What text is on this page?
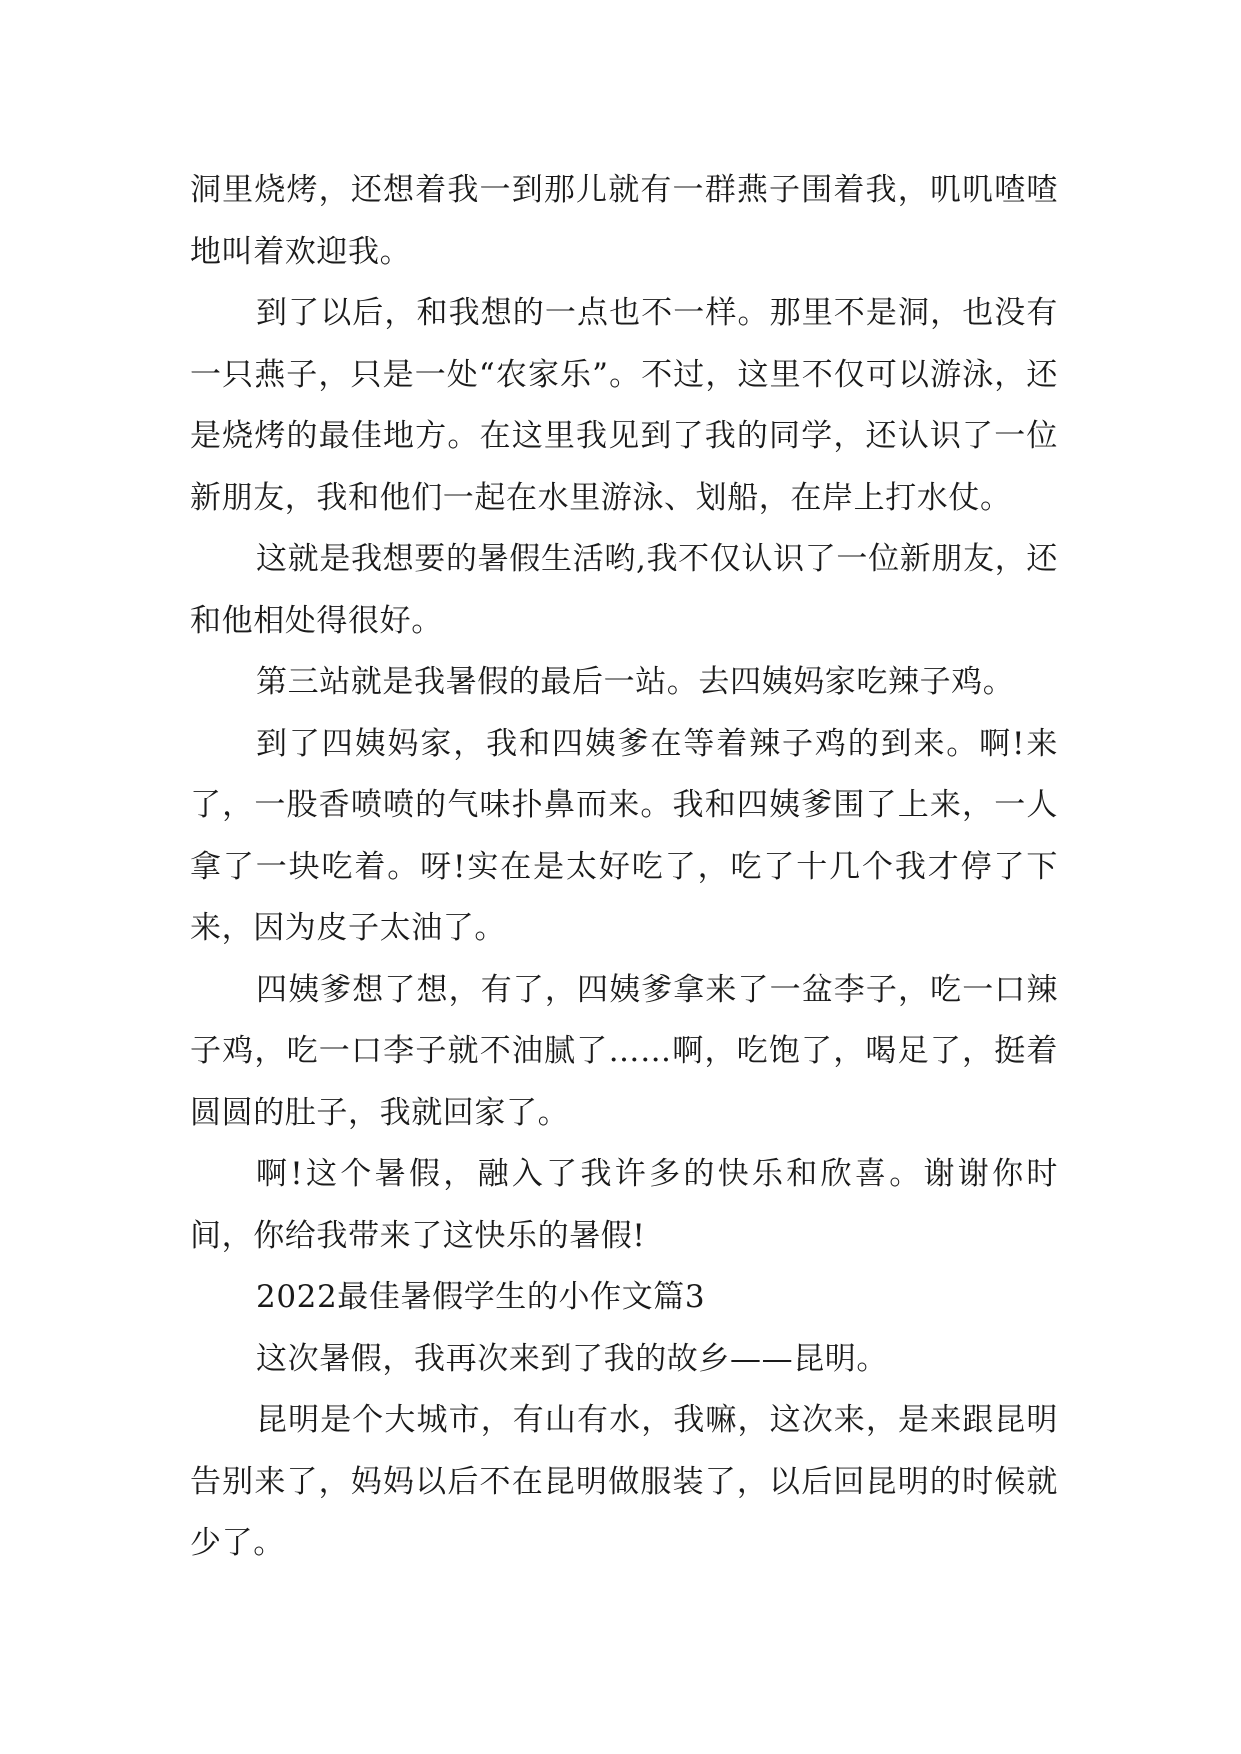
洞里烧烤，还想着我一到那儿就有一群燕子围着我，叽叽喳喳地叫着欢迎我。

到了以后，和我想的一点也不一样。那里不是洞，也没有一只燕子，只是一处“农家乐”。不过，这里不仅可以游泳，还是烧烤的最佳地方。在这里我见到了我的同学，还认识了一位新朋友，我和他们一起在水里游泳、划船，在岸上打水仗。

这就是我想要的暑假生活哟,我不仅认识了一位新朋友，还和他相处得很好。

第三站就是我暑假的最后一站。去四姨妈家吃辣子鸡。

到了四姨妈家，我和四姨爹在等着辣子鸡的到来。啊!来了，一股香喷喷的气味扑鼻而来。我和四姨爹围了上来，一人拿了一块吃着。呀!实在是太好吃了，吃了十几个我才停了下来，因为皮子太油了。

四姨爹想了想，有了，四姨爹拿来了一盆李子，吃一口辣子鸡，吃一口李子就不油腻了……啊，吃饱了，喝足了，挺着圆圆的肚子，我就回家了。

啊!这个暑假，融入了我许多的快乐和欣喜。谢谢你时间，你给我带来了这快乐的暑假!

2022最佳暑假学生的小作文篇3

这次暑假，我再次来到了我的故乡——昆明。

昆明是个大城市，有山有水，我嘛，这次来，是来跟昆明告别来了，妈妈以后不在昆明做服装了，以后回昆明的时候就少了。
